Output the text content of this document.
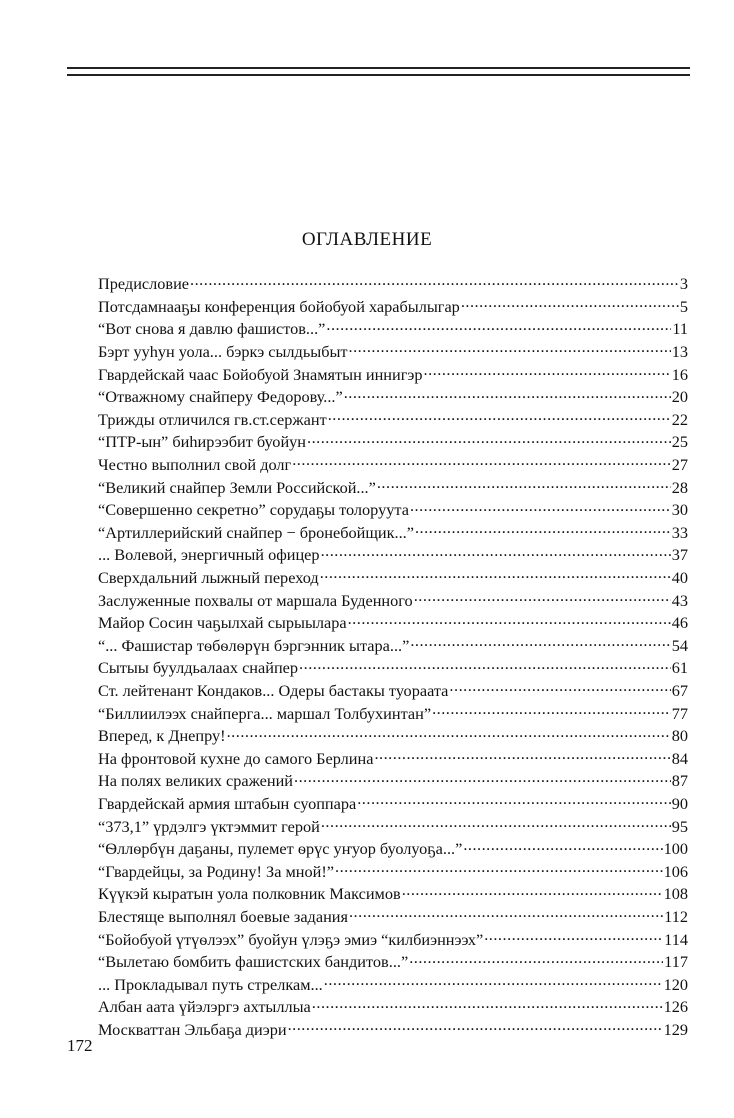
ОГЛАВЛЕНИЕ
Предисловие .....	3
Потсдамнааҕы конференция бойобуой харабылыгар .....	5
“Вот снова я давлю фашистов...” .....	11
Бэрт ууһун уола... бэркэ сылдьыбыт .....	13
Гвардейскай чаас Бойобуой Знамятын иннигэр .....	16
“Отважному снайперу Федорову...” .....	20
Трижды отличился гв.ст.сержант .....	22
“ПТР-ын” биһирээбит буойун .....	25
Честно выполнил свой долг .....	27
“Великий снайпер Земли Российской...” .....	28
“Совершенно секретно” сорудаҕы толоруута .....	30
“Артиллерийский снайпер − бронебойщик...” .....	33
... Волевой, энергичный офицер .....	37
Сверхдальний лыжный переход .....	40
Заслуженные похвалы от маршала Буденного .....	43
Майор Сосин чаҕылхай сырыылара .....	46
“... Фашистар тѳбѳлѳрүн бэргэнник ытара...” .....	54
Сытыы буулдьалаах снайпер .....	61
Ст. лейтенант Кондаков... Одеры бастакы туораата .....	67
“Биллиилээх снайперга... маршал Толбухинтан” .....	77
Вперед, к Днепру! .....	80
На фронтовой кухне до самого Берлина .....	84
На полях великих сражений .....	87
Гвардейскай армия штабын суоппара .....	90
“373,1” үрдэлгэ үктэммит герой .....	95
“Ѳллѳрбүн даҕаны, пулемет ѳрүс уҥуор буолуоҕа...” .....	100
“Гвардейцы, за Родину! За мной!” .....	106
Күүкэй кыратын уола полковник Максимов .....	108
Блестяще выполнял боевые задания .....	112
“Бойобуой үтүѳлээх” буойун үлэҕэ эмиэ “килбиэннээх” .....	114
“Вылетаю бомбить фашистских бандитов...” .....	117
... Прокладывал путь стрелкам... .....	120
Албан аата үйэлэргэ ахтыллыа .....	126
Москваттан Эльбаҕа диэри .....	129
172
